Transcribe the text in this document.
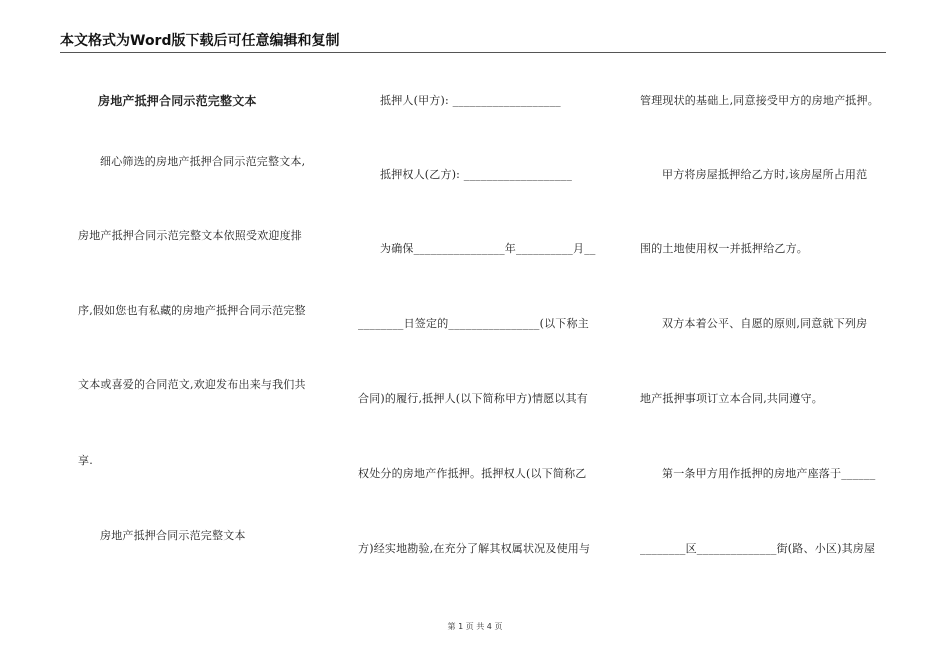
本文格式为Word版下载后可任意编辑和复制
房地产抵押合同示范完整文本
细心筛选的房地产抵押合同示范完整文本,
房地产抵押合同示范完整文本依照受欢迎度排
序,假如您也有私藏的房地产抵押合同示范完整
文本或喜爱的合同范文,欢迎发布出来与我们共
享.
房地产抵押合同示范完整文本
抵押人(甲方): ___________________
抵押权人(乙方): ___________________
为确保________________年__________月__
________日签定的________________(以下称主
合同)的履行,抵押人(以下简称甲方)情愿以其有
权处分的房地产作抵押。抵押权人(以下简称乙
方)经实地勘验,在充分了解其权属状况及使用与
管理现状的基础上,同意接受甲方的房地产抵押。
甲方将房屋抵押给乙方时,该房屋所占用范
围的土地使用权一并抵押给乙方。
双方本着公平、自愿的原则,同意就下列房
地产抵押事项订立本合同,共同遵守。
第一条甲方用作抵押的房地产座落于______
________区______________街(路、小区)其房屋
第 1 页 共 4 页
